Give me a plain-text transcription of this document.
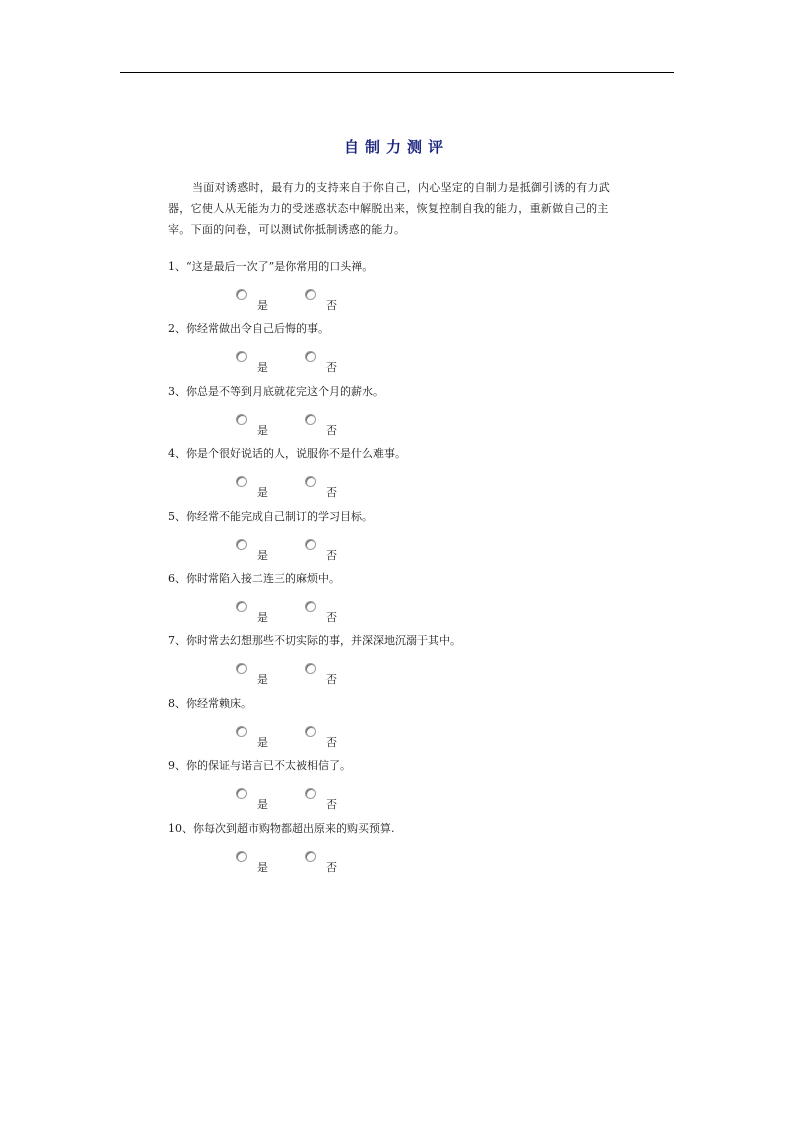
自制力测评
当面对诱惑时，最有力的支持来自于你自己，内心坚定的自制力是抵御引诱的有力武器，它使人从无能为力的受迷惑状态中解脱出来，恢复控制自我的能力，重新做自己的主宰。下面的问卷，可以测试你抵制诱惑的能力。
1、“这是最后一次了”是你常用的口头禅。
是	否
2、你经常做出令自己后悔的事。
是	否
3、你总是不等到月底就花完这个月的薪水。
是	否
4、你是个很好说话的人，说服你不是什么难事。
是	否
5、你经常不能完成自己制订的学习目标。
是	否
6、你时常陷入接二连三的麻烦中。
是	否
7、你时常去幻想那些不切实际的事，并深深地沉溺于其中。
是	否
8、你经常赖床。
是	否
9、你的保证与诺言已不太被相信了。
是	否
10、你每次到超市购物都超出原来的购买预算.
是	否
